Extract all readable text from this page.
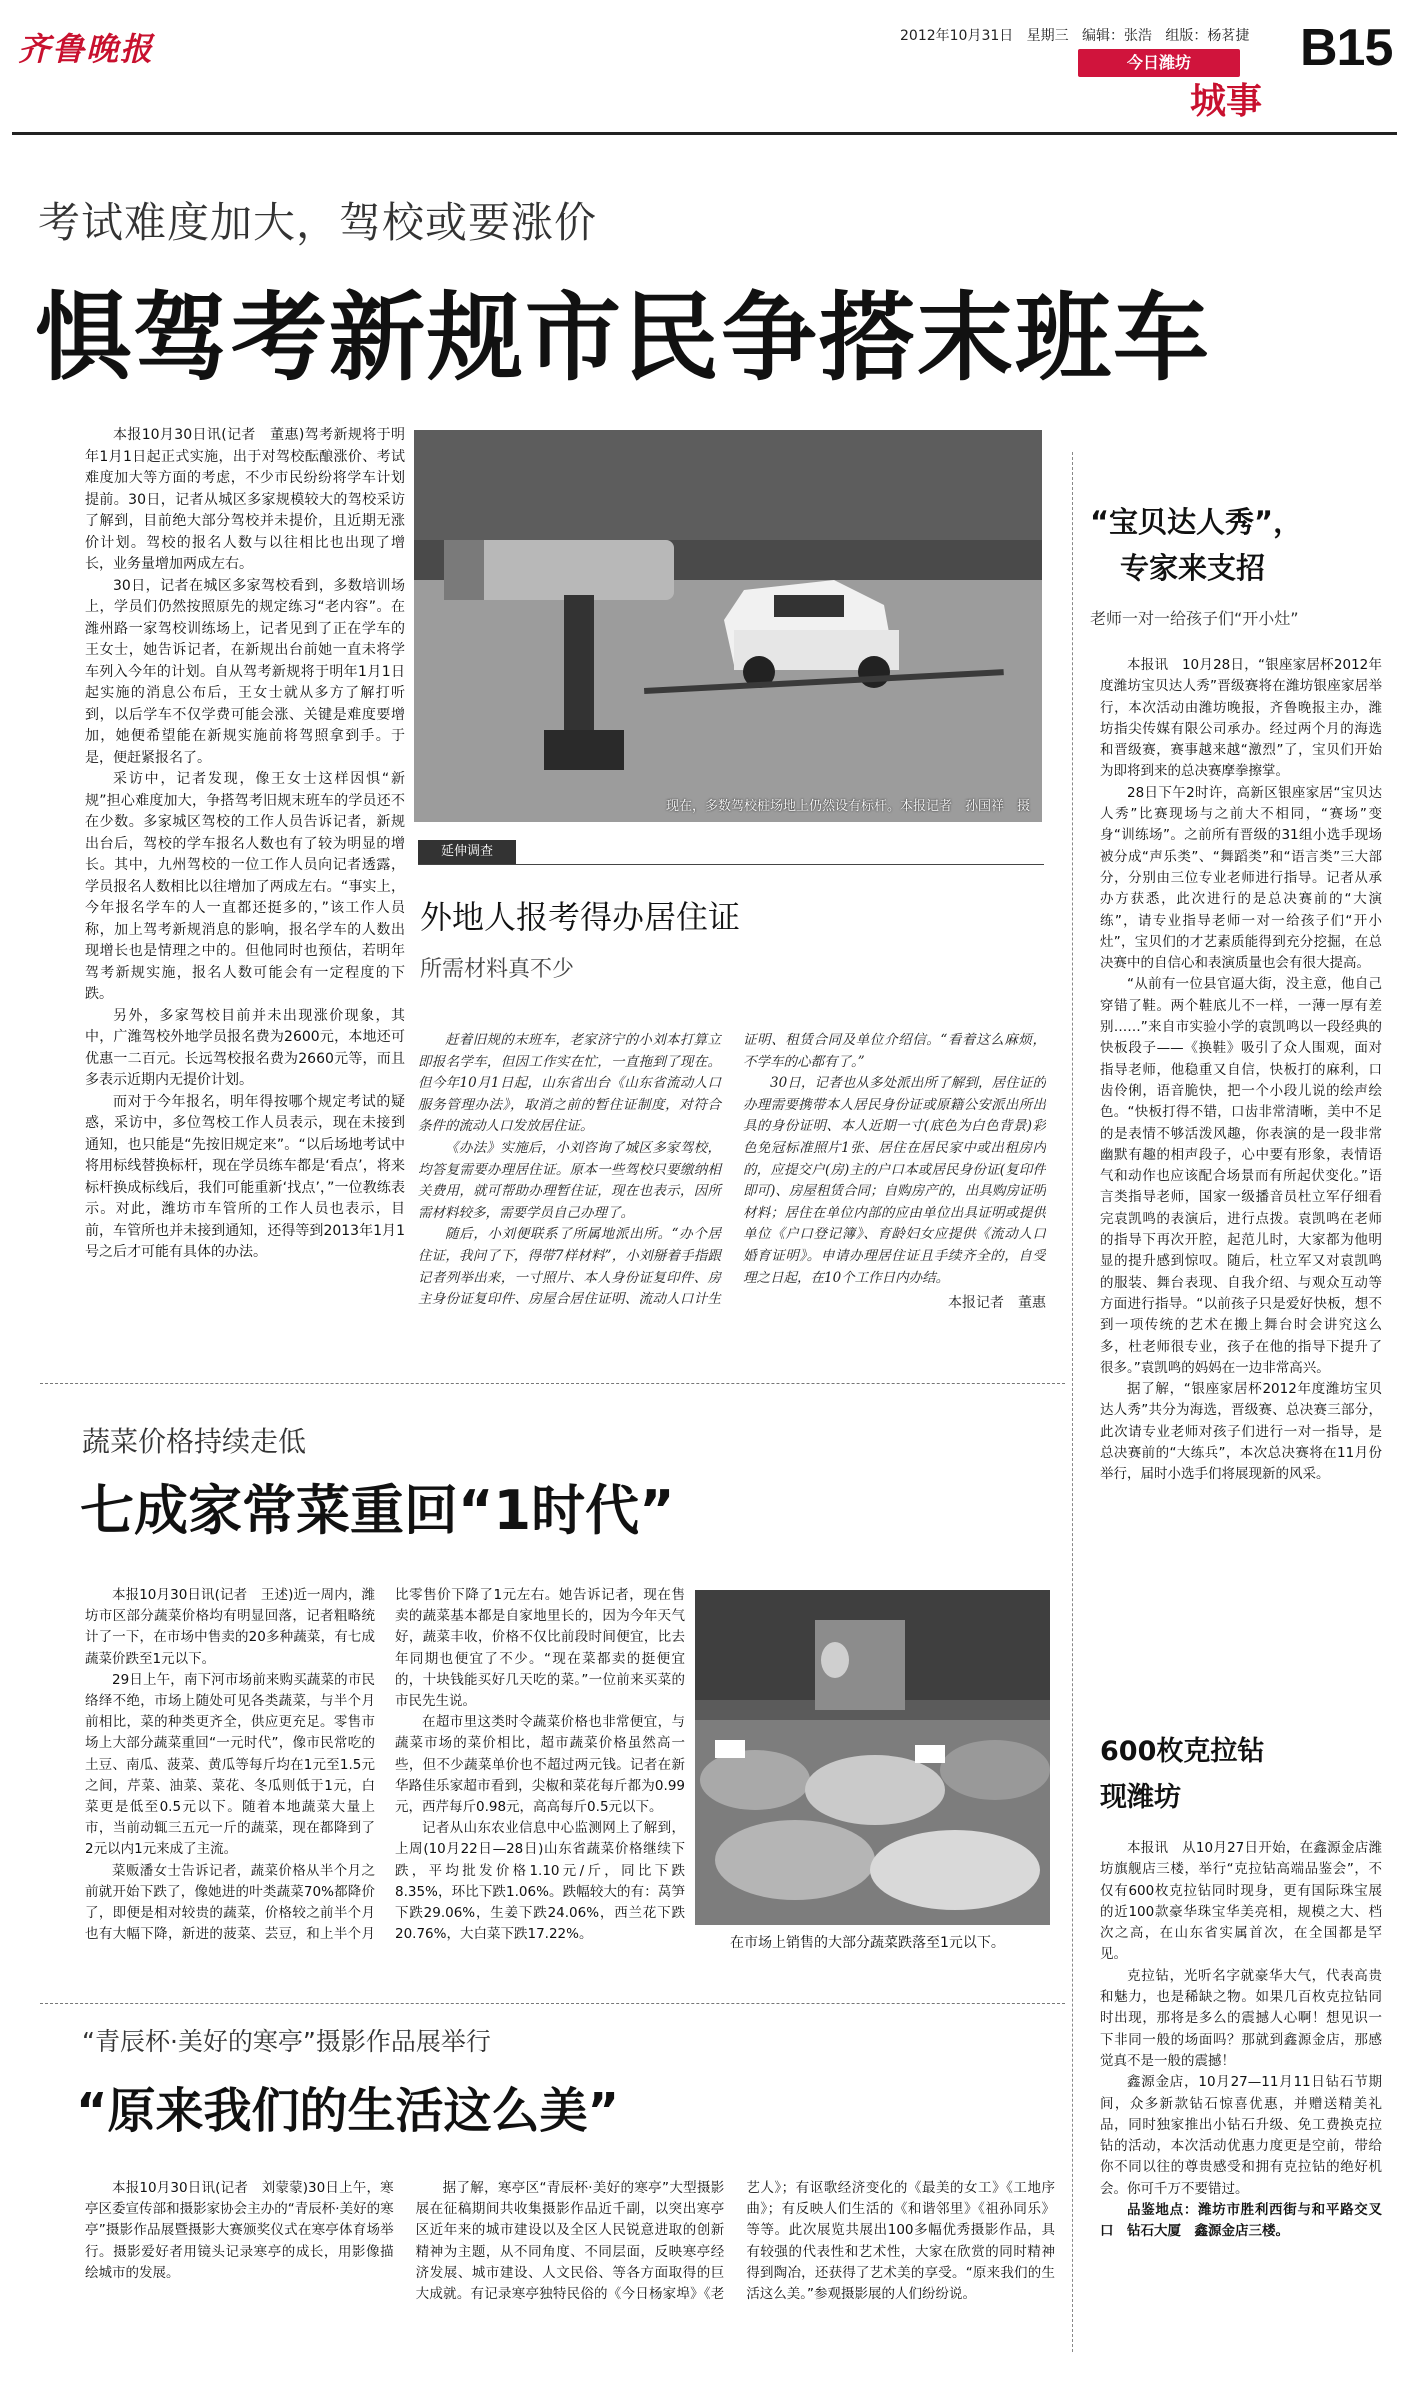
齐鲁晚报	2012年10月31日 星期三 编辑：张浩 组版：杨茗捷
今日潍坊
城事
B15
考试难度加大，驾校或要涨价
惧驾考新规市民争搭末班车

本报10月30日讯(记者　董惠)驾考新规将于明年1月1日起正式实施，出于对驾校酝酿涨价、考试难度加大等方面的考虑，不少市民纷纷将学车计划提前。30日，记者从城区多家规模较大的驾校采访了解到，目前绝大部分驾校并未提价，且近期无涨价计划。驾校的报名人数与以往相比也出现了增长，业务量增加两成左右。

30日，记者在城区多家驾校看到，多数培训场上，学员们仍然按照原先的规定练习“老内容”。在潍州路一家驾校训练场上，记者见到了正在学车的王女士，她告诉记者，在新规出台前她一直未将学车列入今年的计划。自从驾考新规将于明年1月1日起实施的消息公布后，王女士就从多方了解打听到，以后学车不仅学费可能会涨、关键是难度要增加，她便希望能在新规实施前将驾照拿到手。于是，便赶紧报名了。

采访中，记者发现，像王女士这样因惧“新规”担心难度加大，争搭驾考旧规末班车的学员还不在少数。多家城区驾校的工作人员告诉记者，新规出台后，驾校的学车报名人数也有了较为明显的增长。其中，九州驾校的一位工作人员向记者透露，学员报名人数相比以往增加了两成左右。“事实上，今年报名学车的人一直都还挺多的，”该工作人员称，加上驾考新规消息的影响，报名学车的人数出现增长也是情理之中的。但他同时也预估，若明年驾考新规实施，报名人数可能会有一定程度的下跌。

另外，多家驾校目前并未出现涨价现象，其中，广潍驾校外地学员报名费为2600元，本地还可优惠一二百元。长远驾校报名费为2660元等，而且多表示近期内无提价计划。

而对于今年报名，明年得按哪个规定考试的疑惑，采访中，多位驾校工作人员表示，现在未接到通知，也只能是“先按旧规定来”。“以后场地考试中将用标线替换标杆，现在学员练车都是‘看点’，将来标杆换成标线后，我们可能重新‘找点’，”一位教练表示。对此，潍坊市车管所的工作人员也表示，目前，车管所也并未接到通知，还得等到2013年1月1号之后才可能有具体的办法。

现在，多数驾校桩场地上仍然设有标杆。本报记者　孙国祥　摄
延伸调查
外地人报考得办居住证
所需材料真不少

赶着旧规的末班车，老家济宁的小刘本打算立即报名学车，但因工作实在忙，一直拖到了现在。但今年10月1日起，山东省出台《山东省流动人口服务管理办法》，取消之前的暂住证制度，对符合条件的流动人口发放居住证。

《办法》实施后，小刘咨询了城区多家驾校，均答复需要办理居住证。原本一些驾校只要缴纳相关费用，就可帮助办理暂住证，现在也表示，因所需材料较多，需要学员自己办理了。

随后，小刘便联系了所属地派出所。“办个居住证，我问了下，得带7样材料”，小刘掰着手指跟记者列举出来，一寸照片、本人身份证复印件、房主身份证复印件、房屋合居住证明、流动人口计生证明、租赁合同及单位介绍信。“看着这么麻烦，不学车的心都有了。”

30日，记者也从多处派出所了解到，居住证的办理需要携带本人居民身份证或原籍公安派出所出具的身份证明、本人近期一寸(底色为白色背景)彩色免冠标准照片1张、居住在居民家中或出租房内的，应提交户(房)主的户口本或居民身份证(复印件即可)、房屋租赁合同；自购房产的，出具购房证明材料；居住在单位内部的应由单位出具证明或提供单位《户口登记簿》、育龄妇女应提供《流动人口婚育证明》。申请办理居住证且手续齐全的，自受理之日起，在10个工作日内办结。

本报记者　董惠
蔬菜价格持续走低
七成家常菜重回“1时代”

本报10月30日讯(记者　王述)近一周内，潍坊市区部分蔬菜价格均有明显回落，记者粗略统计了一下，在市场中售卖的20多种蔬菜，有七成蔬菜价跌至1元以下。

29日上午，南下河市场前来购买蔬菜的市民络绎不绝，市场上随处可见各类蔬菜，与半个月前相比，菜的种类更齐全，供应更充足。零售市场上大部分蔬菜重回“一元时代”，像市民常吃的土豆、南瓜、菠菜、黄瓜等每斤均在1元至1.5元之间，芹菜、油菜、菜花、冬瓜则低于1元，白菜更是低至0.5元以下。随着本地蔬菜大量上市，当前动辄三五元一斤的蔬菜，现在都降到了2元以内1元来成了主流。

菜贩潘女士告诉记者，蔬菜价格从半个月之前就开始下跌了，像她进的叶类蔬菜70%都降价了，即便是相对较贵的蔬菜，价格较之前半个月也有大幅下降，新进的菠菜、芸豆，和上半个月比零售价下降了1元左右。她告诉记者，现在售卖的蔬菜基本都是自家地里长的，因为今年天气好，蔬菜丰收，价格不仅比前段时间便宜，比去年同期也便宜了不少。“现在菜都卖的挺便宜的，十块钱能买好几天吃的菜。”一位前来买菜的市民先生说。

在超市里这类时令蔬菜价格也非常便宜，与蔬菜市场的菜价相比，超市蔬菜价格虽然高一些，但不少蔬菜单价也不超过两元钱。记者在新华路佳乐家超市看到，尖椒和菜花每斤都为0.99元，西芹每斤0.98元，高高每斤0.5元以下。

记者从山东农业信息中心监测网上了解到，上周(10月22日—28日)山东省蔬菜价格继续下跌，平均批发价格1.10元/斤，同比下跌8.35%，环比下跌1.06%。跌幅较大的有：莴笋下跌29.06%，生姜下跌24.06%，西兰花下跌20.76%，大白菜下跌17.22%。

在市场上销售的大部分蔬菜跌落至1元以下。
“青辰杯·美好的寒亭”摄影作品展举行
“原来我们的生活这么美”

本报10月30日讯(记者　刘蒙蒙)30日上午，寒亭区委宣传部和摄影家协会主办的“青辰杯·美好的寒亭”摄影作品展暨摄影大赛颁奖仪式在寒亭体育场举行。摄影爱好者用镜头记录寒亭的成长，用影像描绘城市的发展。

据了解，寒亭区“青辰杯·美好的寒亭”大型摄影展在征稿期间共收集摄影作品近千副，以突出寒亭区近年来的城市建设以及全区人民锐意进取的创新精神为主题，从不同角度、不同层面，反映寒亭经济发展、城市建设、人文民俗、等各方面取得的巨大成就。有记录寒亭独特民俗的《今日杨家埠》《老艺人》；有讴歌经济变化的《最美的女工》《工地序曲》；有反映人们生活的《和谐邻里》《祖孙同乐》等等。此次展览共展出100多幅优秀摄影作品，具有较强的代表性和艺术性，大家在欣赏的同时精神得到陶冶，还获得了艺术美的享受。“原来我们的生活这么美。”参观摄影展的人们纷纷说。

“宝贝达人秀”，
专家来支招
老师一对一给孩子们“开小灶”

本报讯　10月28日，“银座家居杯2012年度潍坊宝贝达人秀”晋级赛将在潍坊银座家居举行，本次活动由潍坊晚报，齐鲁晚报主办，潍坊指尖传媒有限公司承办。经过两个月的海选和晋级赛，赛事越来越“激烈”了，宝贝们开始为即将到来的总决赛摩拳擦掌。

28日下午2时许，高新区银座家居“宝贝达人秀”比赛现场与之前大不相同，“赛场”变身“训练场”。之前所有晋级的31组小选手现场被分成“声乐类”、“舞蹈类”和“语言类”三大部分，分别由三位专业老师进行指导。记者从承办方获悉，此次进行的是总决赛前的“大演练”，请专业指导老师一对一给孩子们“开小灶”，宝贝们的才艺素质能得到充分挖掘，在总决赛中的自信心和表演质量也会有很大提高。

“从前有一位县官逼大街，没主意，他自己穿错了鞋。两个鞋底儿不一样，一薄一厚有差别……”来自市实验小学的袁凯鸣以一段经典的快板段子——《换鞋》吸引了众人围观，面对指导老师，他稳重又自信，快板打的麻利，口齿伶俐，语音脆快，把一个小段儿说的绘声绘色。“快板打得不错，口齿非常清晰，美中不足的是表情不够活泼风趣，你表演的是一段非常幽默有趣的相声段子，心中要有形象，表情语气和动作也应该配合场景而有所起伏变化。”语言类指导老师，国家一级播音员杜立军仔细看完袁凯鸣的表演后，进行点拨。袁凯鸣在老师的指导下再次开腔，起范儿时，大家都为他明显的提升感到惊叹。随后，杜立军又对袁凯鸣的服装、舞台表现、自我介绍、与观众互动等方面进行指导。“以前孩子只是爱好快板，想不到一项传统的艺术在搬上舞台时会讲究这么多，杜老师很专业，孩子在他的指导下提升了很多。”袁凯鸣的妈妈在一边非常高兴。

据了解，“银座家居杯2012年度潍坊宝贝达人秀”共分为海选，晋级赛、总决赛三部分，此次请专业老师对孩子们进行一对一指导，是总决赛前的“大练兵”，本次总决赛将在11月份举行，届时小选手们将展现新的风采。

600枚克拉钻
现潍坊

本报讯　从10月27日开始，在鑫源金店潍坊旗舰店三楼，举行“克拉钻高端品鉴会”，不仅有600枚克拉钻同时现身，更有国际珠宝展的近100款豪华珠宝华美亮相，规模之大、档次之高，在山东省实属首次，在全国都是罕见。

克拉钻，光听名字就豪华大气，代表高贵和魅力，也是稀缺之物。如果几百枚克拉钻同时出现，那将是多么的震撼人心啊！想见识一下非同一般的场面吗？那就到鑫源金店，那感觉真不是一般的震撼！

鑫源金店，10月27—11月11日钻石节期间，众多新款钻石惊喜优惠，并赠送精美礼品，同时独家推出小钻石升级、免工费换克拉钻的活动，本次活动优惠力度更是空前，带给你不同以往的尊贵感受和拥有克拉钻的绝好机会。你可千万不要错过。

品鉴地点：潍坊市胜利西街与和平路交叉口　钻石大厦　鑫源金店三楼。
